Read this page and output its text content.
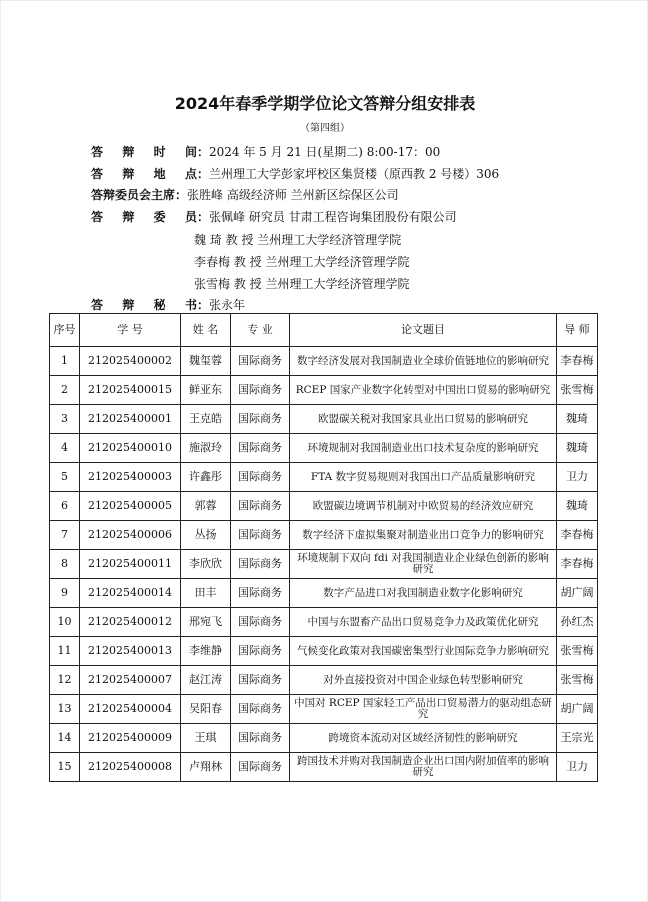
2024年春季学期学位论文答辩分组安排表
（第四组）
答辩时间：2024 年 5 月 21 日(星期二) 8:00-17：00
答辩地点：兰州理工大学彭家坪校区集贤楼（原西教 2 号楼）306
答辩委员会主席：张胜峰 高级经济师 兰州新区综保区公司
答辩委员：张佩峰 研究员 甘肃工程咨询集团股份有限公司
魏 琦 教 授 兰州理工大学经济管理学院
李春梅 教 授 兰州理工大学经济管理学院
张雪梅 教 授 兰州理工大学经济管理学院
答辩秘书：张永年
序号	学 号	姓 名	专 业	论文题目	导 师
1	212025400002	魏玺蓉	国际商务	数字经济发展对我国制造业全球价值链地位的影响研究	李春梅
2	212025400015	鲜亚东	国际商务	RCEP 国家产业数字化转型对中国出口贸易的影响研究	张雪梅
3	212025400001	王克皓	国际商务	欧盟碳关税对我国家具业出口贸易的影响研究	魏琦
4	212025400010	施淑玲	国际商务	环境规制对我国制造业出口技术复杂度的影响研究	魏琦
5	212025400003	许鑫彤	国际商务	FTA 数字贸易规则对我国出口产品质量影响研究	卫力
6	212025400005	郭蓉	国际商务	欧盟碳边境调节机制对中欧贸易的经济效应研究	魏琦
7	212025400006	丛扬	国际商务	数字经济下虚拟集聚对制造业出口竞争力的影响研究	李春梅
8	212025400011	李欣欣	国际商务	环境规制下双向 fdi 对我国制造业企业绿色创新的影响研究	李春梅
9	212025400014	田丰	国际商务	数字产品进口对我国制造业数字化影响研究	胡广阔
10	212025400012	邢宛飞	国际商务	中国与东盟畜产品出口贸易竞争力及政策优化研究	孙红杰
11	212025400013	李维静	国际商务	气候变化政策对我国碳密集型行业国际竞争力影响研究	张雪梅
12	212025400007	赵江涛	国际商务	对外直接投资对中国企业绿色转型影响研究	张雪梅
13	212025400004	吴阳春	国际商务	中国对 RCEP 国家轻工产品出口贸易潜力的驱动组态研究	胡广阔
14	212025400009	王琪	国际商务	跨境资本流动对区域经济韧性的影响研究	王宗光
15	212025400008	卢翔林	国际商务	跨国技术并购对我国制造企业出口国内附加值率的影响研究	卫力
